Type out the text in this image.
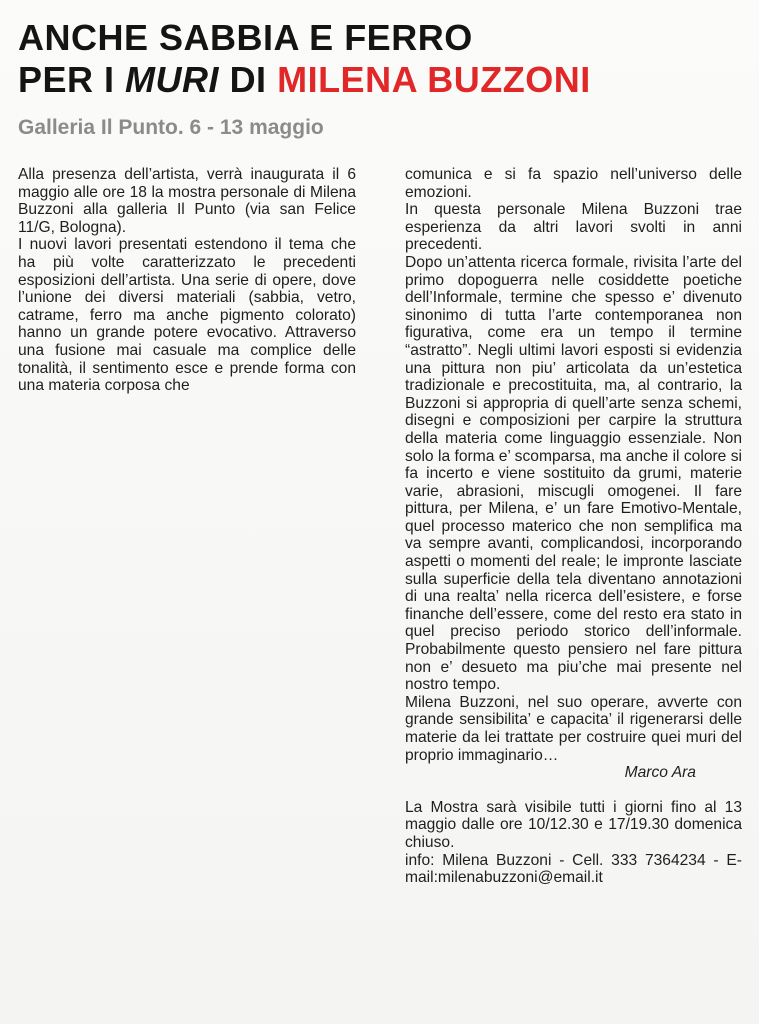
ANCHE SABBIA E FERRO
PER I MURI DI MILENA BUZZONI
Galleria Il Punto. 6 - 13 maggio

Alla presenza dell’artista, verrà inaugurata il 6 maggio alle ore 18 la mostra personale di Milena Buzzoni alla galleria Il Punto (via san Felice 11/G, Bologna).

I nuovi lavori presentati estendono il tema che ha più volte caratterizzato le precedenti esposizioni dell’artista. Una serie di opere, dove l’unione dei diversi materiali (sabbia, vetro, catrame, ferro ma anche pigmento colorato) hanno un grande potere evocativo. Attraverso una fusione mai casuale ma complice delle tonalità, il sentimento esce e prende forma con una materia corposa che

comunica e si fa spazio nell’universo delle emozioni.

In questa personale Milena Buzzoni trae esperienza da altri lavori svolti in anni precedenti.

Dopo un’attenta ricerca formale, rivisita l’arte del primo dopoguerra nelle cosiddette poetiche dell’Informale, termine che spesso e’ divenuto sinonimo di tutta l’arte contemporanea non figurativa, come era un tempo il termine “astratto”. Negli ultimi lavori esposti si evidenzia una pittura non piu’ articolata da un’estetica tradizionale e precostituita, ma, al contrario, la Buzzoni si appropria di quell’arte senza schemi, disegni e composizioni per carpire la struttura della materia come linguaggio essenziale. Non solo la forma e’ scomparsa, ma anche il colore si fa incerto e viene sostituito da grumi, materie varie, abrasioni, miscugli omogenei. Il fare pittura, per Milena, e’ un fare Emotivo-Mentale, quel processo materico che non semplifica ma va sempre avanti, complicandosi, incorporando aspetti o momenti del reale; le impronte lasciate sulla superficie della tela diventano annotazioni di una realta’ nella ricerca dell’esistere, e forse finanche dell’essere, come del resto era stato in quel preciso periodo storico dell’informale. Probabilmente questo pensiero nel fare pittura non e’ desueto ma piu’che mai presente nel nostro tempo.

Milena Buzzoni, nel suo operare, avverte con grande sensibilita’ e capacita’ il rigenerarsi delle materie da lei trattate per costruire quei muri del proprio immaginario…

Marco Ara

La Mostra sarà visibile tutti i giorni fino al 13 maggio dalle ore 10/12.30 e 17/19.30 domenica chiuso.

info: Milena Buzzoni - Cell. 333 7364234 - E-mail:milenabuzzoni@email.it
